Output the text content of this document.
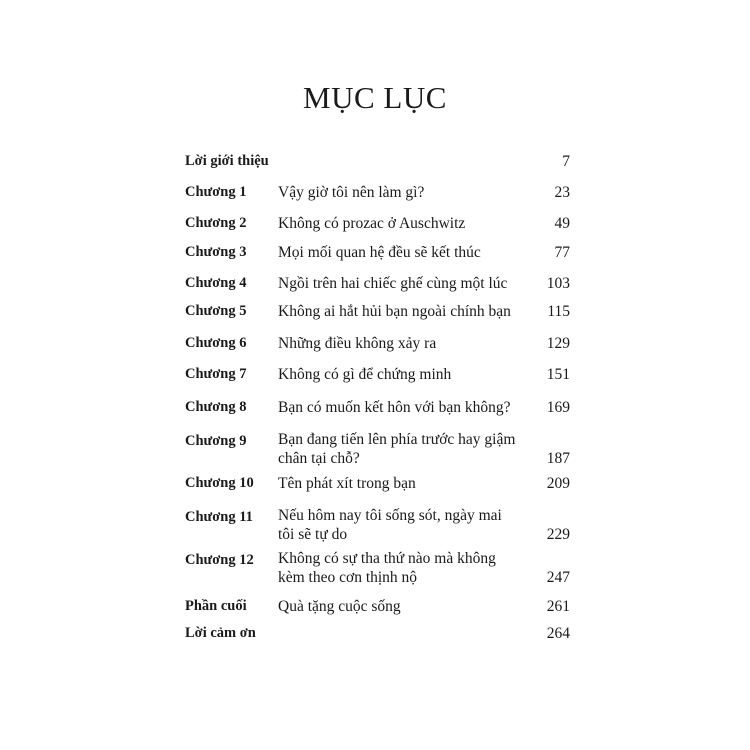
MỤC LỤC
Lời giới thiệu	7
Chương 1 Vậy giờ tôi nên làm gì?	23
Chương 2 Không có prozac ở Auschwitz	49
Chương 3 Mọi mối quan hệ đều sẽ kết thúc	77
Chương 4 Ngồi trên hai chiếc ghế cùng một lúc	103
Chương 5 Không ai hắt hủi bạn ngoài chính bạn	115
Chương 6 Những điều không xảy ra	129
Chương 7 Không có gì để chứng minh	151
Chương 8 Bạn có muốn kết hôn với bạn không?	169
Chương 9 Bạn đang tiến lên phía trước hay giậm
chân tại chỗ?	187
Chương 10 Tên phát xít trong bạn	209
Chương 11 Nếu hôm nay tôi sống sót, ngày mai
tôi sẽ tự do	229
Chương 12 Không có sự tha thứ nào mà không
kèm theo cơn thịnh nộ	247
Phần cuối Quà tặng cuộc sống	261
Lời cảm ơn	264
